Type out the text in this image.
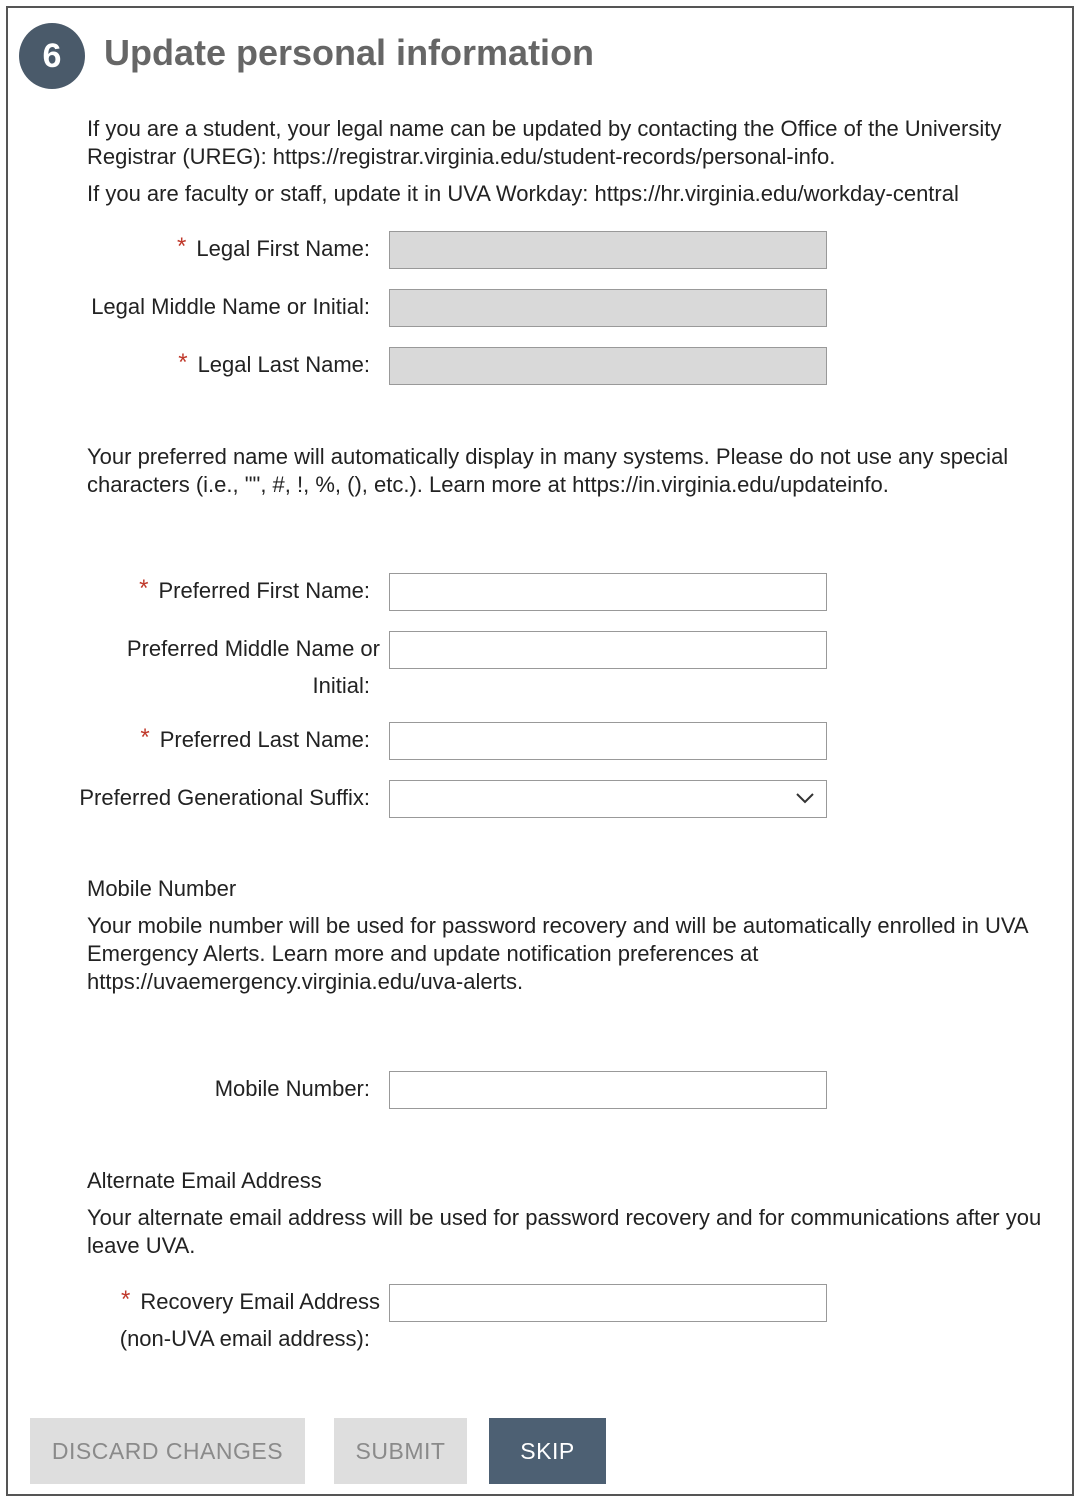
6	Update personal information
If you are a student, your legal name can be updated by contacting the Office of the University Registrar (UREG): https://registrar.virginia.edu/student-records/personal-info.
If you are faculty or staff, update it in UVA Workday: https://hr.virginia.edu/workday-central
* Legal First Name:
Legal Middle Name or Initial:
* Legal Last Name:
Your preferred name will automatically display in many systems. Please do not use any special characters (i.e., "", #, !, %, (), etc.). Learn more at https://in.virginia.edu/updateinfo.
* Preferred First Name:
Preferred Middle Name or
Initial:
* Preferred Last Name:
Preferred Generational Suffix:
Mobile Number
Your mobile number will be used for password recovery and will be automatically enrolled in UVA Emergency Alerts. Learn more and update notification preferences at https://uvaemergency.virginia.edu/uva-alerts.
Mobile Number:
Alternate Email Address
Your alternate email address will be used for password recovery and for communications after you leave UVA.
* Recovery Email Address
(non-UVA email address):
DISCARD CHANGES	SUBMIT	SKIP
